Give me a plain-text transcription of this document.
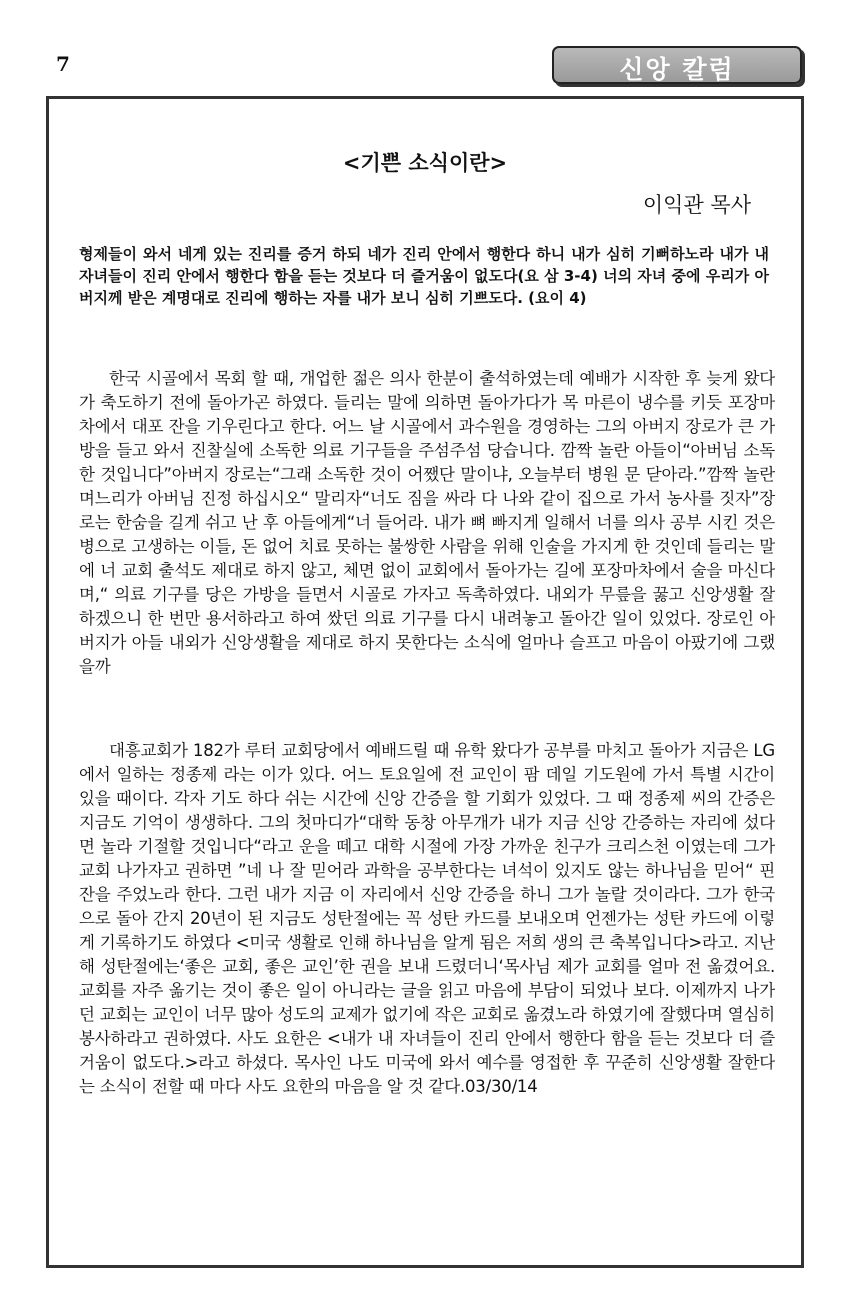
7	신앙 칼럼
<기쁜 소식이란>
이익관 목사
형제들이 와서 네게 있는 진리를 증거 하되 네가 진리 안에서 행한다 하니 내가 심히 기뻐하노라 내가 내 자녀들이 진리 안에서 행한다 함을 듣는 것보다 더 즐거움이 없도다(요 삼 3-4) 너의 자녀 중에 우리가 아버지께 받은 계명대로 진리에 행하는 자를 내가 보니 심히 기쁘도다. (요이 4)

한국 시골에서 목회 할 때, 개업한 젊은 의사 한분이 출석하였는데 예배가 시작한 후 늦게 왔다가 축도하기 전에 돌아가곤 하였다. 들리는 말에 의하면 돌아가다가 목 마른이 냉수를 키듯 포장마차에서 대포 잔을 기우린다고 한다. 어느 날 시골에서 과수원을 경영하는 그의 아버지 장로가 큰 가방을 들고 와서 진찰실에 소독한 의료 기구들을 주섬주섬 당습니다. 깜짝 놀란 아들이“아버님 소독한 것입니다”아버지 장로는“그래 소독한 것이 어쨌단 말이냐, 오늘부터 병원 문 닫아라.”깜짝 놀란 며느리가 아버님 진정 하십시오“ 말리자“너도 짐을 싸라 다 나와 같이 집으로 가서 농사를 짓자”장로는 한숨을 길게 쉬고 난 후 아들에게“너 들어라. 내가 뼈 빠지게 일해서 너를 의사 공부 시킨 것은 병으로 고생하는 이들, 돈 없어 치료 못하는 불쌍한 사람을 위해 인술을 가지게 한 것인데 들리는 말에 너 교회 출석도 제대로 하지 않고, 체면 없이 교회에서 돌아가는 길에 포장마차에서 술을 마신다며,“ 의료 기구를 당은 가방을 들면서 시골로 가자고 독촉하였다. 내외가 무릎을 꿇고 신앙생활 잘 하겠으니 한 번만 용서하라고 하여 쌌던 의료 기구를 다시 내려놓고 돌아간 일이 있었다. 장로인 아버지가 아들 내외가 신앙생활을 제대로 하지 못한다는 소식에 얼마나 슬프고 마음이 아팠기에 그랬을까

대흥교회가 182가 루터 교회당에서 예배드릴 때 유학 왔다가 공부를 마치고 돌아가 지금은 LG에서 일하는 정종제 라는 이가 있다. 어느 토요일에 전 교인이 팜 데일 기도원에 가서 특별 시간이 있을 때이다. 각자 기도 하다 쉬는 시간에 신앙 간증을 할 기회가 있었다. 그 때 정종제 씨의 간증은 지금도 기억이 생생하다. 그의 첫마디가“대학 동창 아무개가 내가 지금 신앙 간증하는 자리에 섰다면 놀라 기절할 것입니다“라고 운을 떼고 대학 시절에 가장 가까운 친구가 크리스천 이였는데 그가 교회 나가자고 권하면 ”네 나 잘 믿어라 과학을 공부한다는 녀석이 있지도 않는 하나님을 믿어“ 핀잔을 주었노라 한다. 그런 내가 지금 이 자리에서 신앙 간증을 하니 그가 놀랄 것이라다. 그가 한국으로 돌아 간지 20년이 된 지금도 성탄절에는 꼭 성탄 카드를 보내오며 언젠가는 성탄 카드에 이렇게 기록하기도 하였다 <미국 생활로 인해 하나님을 알게 됨은 저희 생의 큰 축복입니다>라고. 지난해 성탄절에는‘좋은 교회, 좋은 교인’한 권을 보내 드렸더니‘목사님 제가 교회를 얼마 전 옮겼어요. 교회를 자주 옮기는 것이 좋은 일이 아니라는 글을 읽고 마음에 부담이 되었나 보다. 이제까지 나가던 교회는 교인이 너무 많아 성도의 교제가 없기에 작은 교회로 옮겼노라 하였기에 잘했다며 열심히 봉사하라고 권하였다. 사도 요한은 <내가 내 자녀들이 진리 안에서 행한다 함을 듣는 것보다 더 즐거움이 없도다.>라고 하셨다. 목사인 나도 미국에 와서 예수를 영접한 후 꾸준히 신앙생활 잘한다는 소식이 전할 때 마다 사도 요한의 마음을 알 것 같다.03/30/14
